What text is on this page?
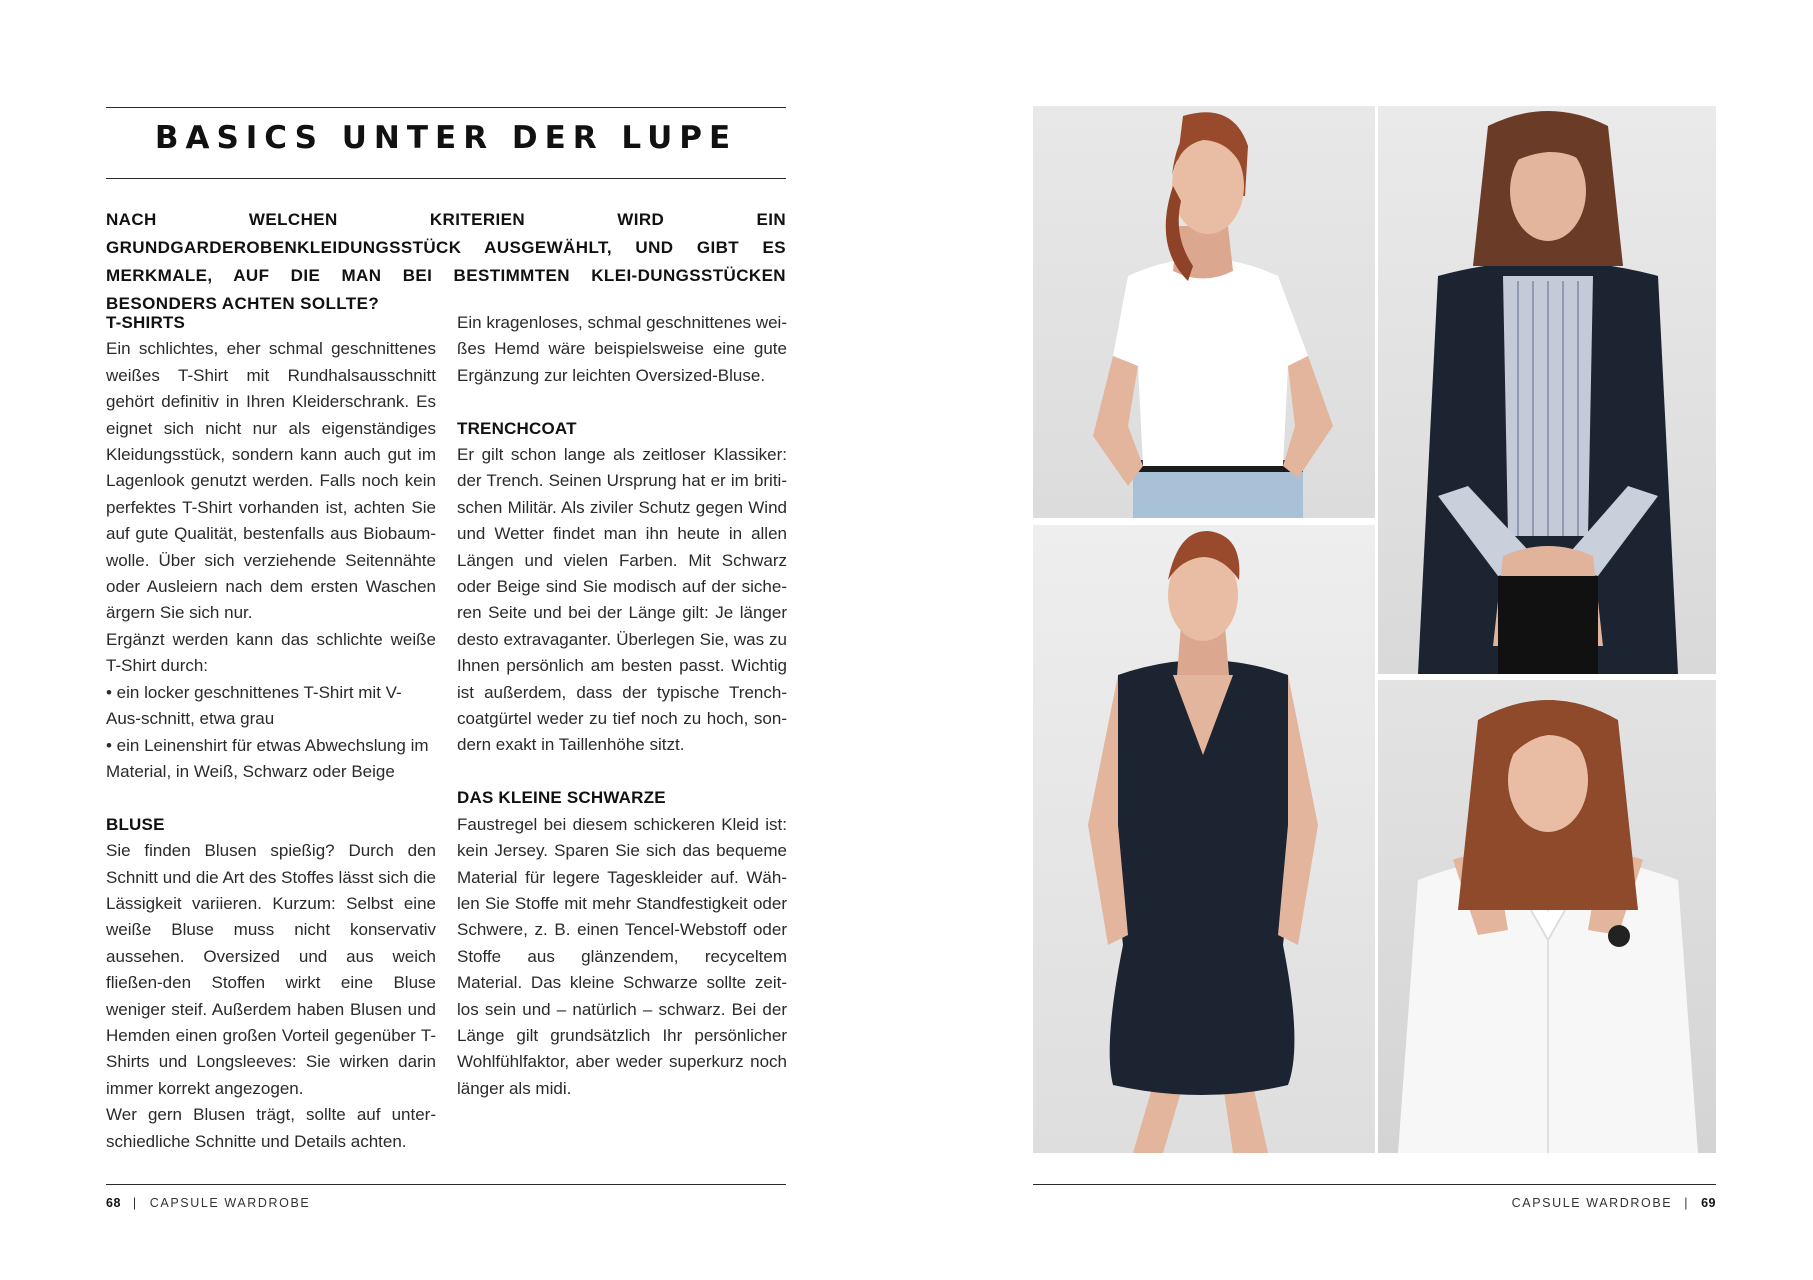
BASICS UNTER DER LUPE
NACH WELCHEN KRITERIEN WIRD EIN GRUNDGARDEROBENKLEIDUNGSSTÜCK AUSGEWÄHLT, UND GIBT ES MERKMALE, AUF DIE MAN BEI BESTIMMTEN KLEI-DUNGSSTÜCKEN BESONDERS ACHTEN SOLLTE?
T-SHIRTS
Ein schlichtes, eher schmal geschnittenes weißes T-Shirt mit Rundhalsausschnitt gehört definitiv in Ihren Kleiderschrank. Es eignet sich nicht nur als eigenständiges Kleidungsstück, sondern kann auch gut im Lagenlook genutzt werden. Falls noch kein perfektes T-Shirt vorhanden ist, achten Sie auf gute Qualität, bestenfalls aus Biobaum-wolle. Über sich verziehende Seitennähte oder Ausleiern nach dem ersten Waschen ärgern Sie sich nur.
Ergänzt werden kann das schlichte weiße T-Shirt durch:
• ein locker geschnittenes T-Shirt mit V-Aus-schnitt, etwa grau
• ein Leinenshirt für etwas Abwechslung im Material, in Weiß, Schwarz oder Beige
BLUSE
Sie finden Blusen spießig? Durch den Schnitt und die Art des Stoffes lässt sich die Lässigkeit variieren. Kurzum: Selbst eine weiße Bluse muss nicht konservativ aussehen. Oversized und aus weich fließen-den Stoffen wirkt eine Bluse weniger steif. Außerdem haben Blusen und Hemden einen großen Vorteil gegenüber T-Shirts und Longsleeves: Sie wirken darin immer korrekt angezogen.
Wer gern Blusen trägt, sollte auf unter-schiedliche Schnitte und Details achten.
Ein kragenloses, schmal geschnittenes wei-ßes Hemd wäre beispielsweise eine gute Ergänzung zur leichten Oversized-Bluse.
TRENCHCOAT
Er gilt schon lange als zeitloser Klassiker: der Trench. Seinen Ursprung hat er im briti-schen Militär. Als ziviler Schutz gegen Wind und Wetter findet man ihn heute in allen Längen und vielen Farben. Mit Schwarz oder Beige sind Sie modisch auf der siche-ren Seite und bei der Länge gilt: Je länger desto extravaganter. Überlegen Sie, was zu Ihnen persönlich am besten passt. Wichtig ist außerdem, dass der typische Trench-coatgürtel weder zu tief noch zu hoch, son-dern exakt in Taillenhöhe sitzt.
DAS KLEINE SCHWARZE
Faustregel bei diesem schickeren Kleid ist: kein Jersey. Sparen Sie sich das bequeme Material für legere Tageskleider auf. Wäh-len Sie Stoffe mit mehr Standfestigkeit oder Schwere, z. B. einen Tencel-Webstoff oder Stoffe aus glänzendem, recyceltem Material. Das kleine Schwarze sollte zeit-los sein und – natürlich – schwarz. Bei der Länge gilt grundsätzlich Ihr persönlicher Wohlfühlfaktor, aber weder superkurz noch länger als midi.
68 | CAPSULE WARDROBE	CAPSULE WARDROBE | 69
